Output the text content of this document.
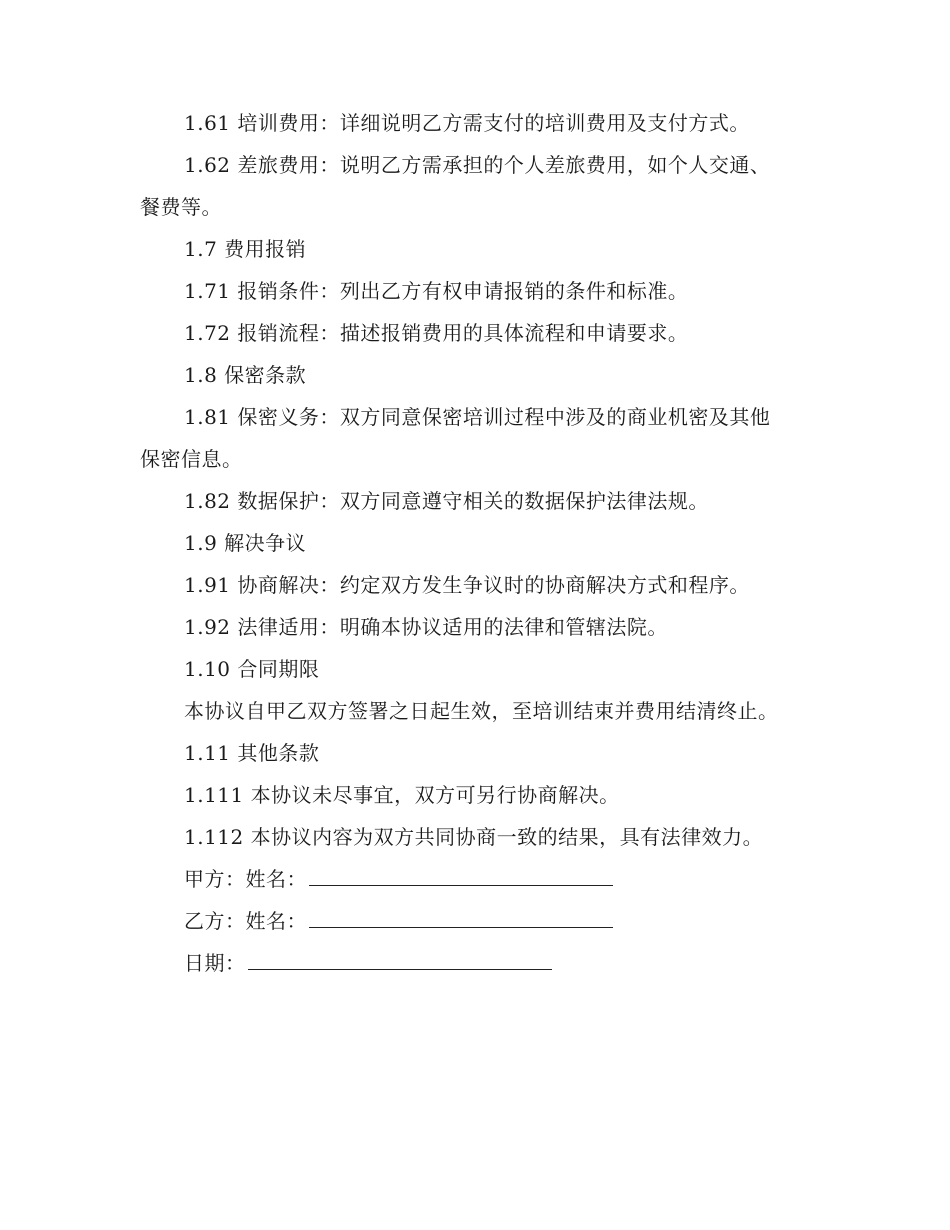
1.61 培训费用：详细说明乙方需支付的培训费用及支付方式。
1.62 差旅费用：说明乙方需承担的个人差旅费用，如个人交通、
餐费等。
1.7 费用报销
1.71 报销条件：列出乙方有权申请报销的条件和标准。
1.72 报销流程：描述报销费用的具体流程和申请要求。
1.8 保密条款
1.81 保密义务：双方同意保密培训过程中涉及的商业机密及其他
保密信息。
1.82 数据保护：双方同意遵守相关的数据保护法律法规。
1.9 解决争议
1.91 协商解决：约定双方发生争议时的协商解决方式和程序。
1.92 法律适用：明确本协议适用的法律和管辖法院。
1.10 合同期限
本协议自甲乙双方签署之日起生效，至培训结束并费用结清终止。
1.11 其他条款
1.111 本协议未尽事宜，双方可另行协商解决。
1.112 本协议内容为双方共同协商一致的结果，具有法律效力。
甲方：姓名：
乙方：姓名：
日期：
